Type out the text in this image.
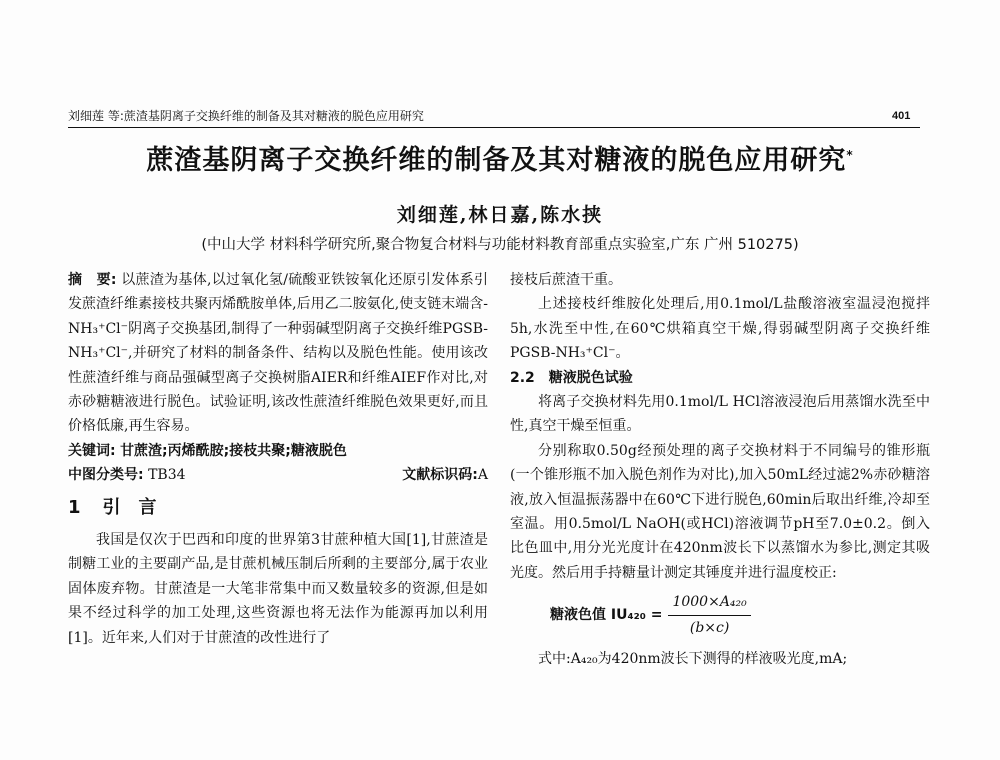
刘细莲 等:蔗渣基阴离子交换纤维的制备及其对糖液的脱色应用研究	401
蔗渣基阴离子交换纤维的制备及其对糖液的脱色应用研究*
刘细莲,林日嘉,陈水挟
(中山大学 材料科学研究所,聚合物复合材料与功能材料教育部重点实验室,广东 广州 510275)

摘　要: 以蔗渣为基体,以过氧化氢/硫酸亚铁铵氧化还原引发体系引发蔗渣纤维素接枝共聚丙烯酰胺单体,后用乙二胺氨化,使支链末端含-NH₃⁺Cl⁻阴离子交换基团,制得了一种弱碱型阴离子交换纤维PGSB-NH₃⁺Cl⁻,并研究了材料的制备条件、结构以及脱色性能。使用该改性蔗渣纤维与商品强碱型离子交换树脂AIER和纤维AIEF作对比,对赤砂糖糖液进行脱色。试验证明,该改性蔗渣纤维脱色效果更好,而且价格低廉,再生容易。

关键词: 甘蔗渣;丙烯酰胺;接枝共聚;糖液脱色

中图分类号: TB34	文献标识码:A
1 引　言

我国是仅次于巴西和印度的世界第3甘蔗种植大国[1],甘蔗渣是制糖工业的主要副产品,是甘蔗机械压制后所剩的主要部分,属于农业固体废弃物。甘蔗渣是一大笔非常集中而又数量较多的资源,但是如果不经过科学的加工处理,这些资源也将无法作为能源再加以利用[1]。近年来,人们对于甘蔗渣的改性进行了

接枝后蔗渣干重。

上述接枝纤维胺化处理后,用0.1mol/L盐酸溶液室温浸泡搅拌5h,水洗至中性,在60℃烘箱真空干燥,得弱碱型阴离子交换纤维PGSB-NH₃⁺Cl⁻。

2.2　糖液脱色试验

将离子交换材料先用0.1mol/L HCl溶液浸泡后用蒸馏水洗至中性,真空干燥至恒重。

分别称取0.50g经预处理的离子交换材料于不同编号的锥形瓶(一个锥形瓶不加入脱色剂作为对比),加入50mL经过滤2%赤砂糖溶液,放入恒温振荡器中在60℃下进行脱色,60min后取出纤维,冷却至室温。用0.5mol/L NaOH(或HCl)溶液调节pH至7.0±0.2。倒入比色皿中,用分光光度计在420nm波长下以蒸馏水为参比,测定其吸光度。然后用手持糖量计测定其锤度并进行温度校正:

糖液色值 $IU_{420} = \frac{\text{1000×A₄₂₀}}{(b\times c)}$

式中:A₄₂₀为420nm波长下测得的样液吸光度,mA;
